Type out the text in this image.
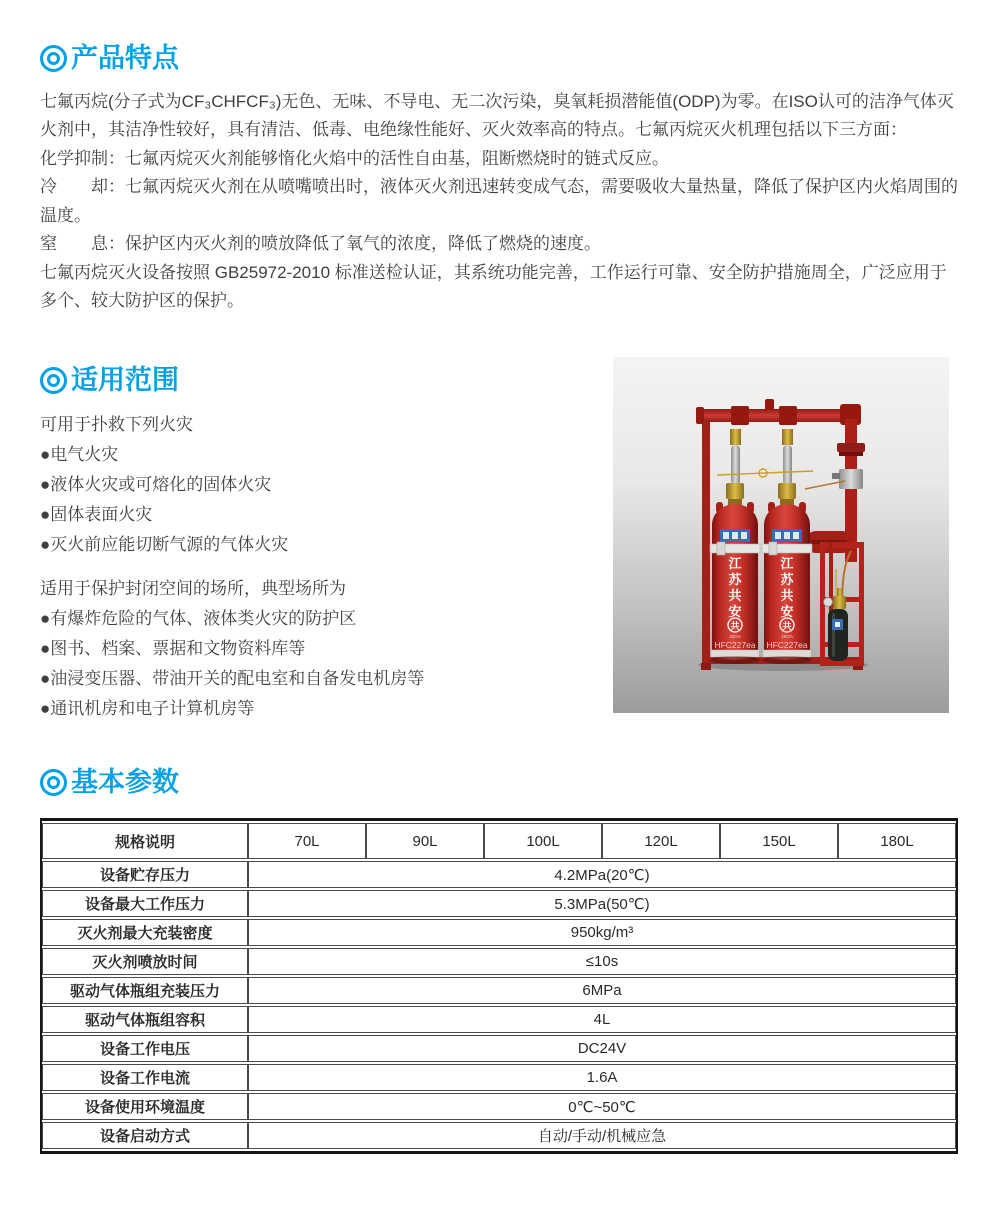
产品特点

七氟丙烷(分子式为CF₃CHFCF₃)无色、无味、不导电、无二次污染，臭氧耗损潜能值(ODP)为零。在ISO认可的洁净气体灭火剂中，其洁净性较好，具有清洁、低毒、电绝缘性能好、灭火效率高的特点。七氟丙烷灭火机理包括以下三方面：

化学抑制：七氟丙烷灭火剂能够惰化火焰中的活性自由基，阻断燃烧时的链式反应。

冷　　却：七氟丙烷灭火剂在从喷嘴喷出时，液体灭火剂迅速转变成气态，需要吸收大量热量，降低了保护区内火焰周围的温度。

窒　　息：保护区内灭火剂的喷放降低了氧气的浓度，降低了燃烧的速度。

七氟丙烷灭火设备按照 GB25972-2010 标准送检认证，其系统功能完善，工作运行可靠、安全防护措施周全，广泛应用于多个、较大防护区的保护。

适用范围

可用于扑救下列火灾

●电气火灾

●液体火灾或可熔化的固体火灾

●固体表面火灾

●灭火前应能切断气源的气体火灾

适用于保护封闭空间的场所，典型场所为

●有爆炸危险的气体、液体类火灾的防护区

●图书、档案、票据和文物资料库等

●油浸变压器、带油开关的配电室和自备发电机房等

●通讯机房和电子计算机房等

江
苏
共
安
共
JSGA
HFC227ea
江
苏
共
安
共
JSGA
HFC227ea
基本参数
规格说明	70L	90L	100L	120L	150L	180L
设备贮存压力	4.2MPa(20℃)					
设备最大工作压力	5.3MPa(50℃)					
灭火剂最大充装密度	950kg/m³					
灭火剂喷放时间	≤10s					
驱动气体瓶组充装压力	6MPa					
驱动气体瓶组容积	4L					
设备工作电压	DC24V					
设备工作电流	1.6A					
设备使用环境温度	0℃~50℃					
设备启动方式	自动/手动/机械应急					
